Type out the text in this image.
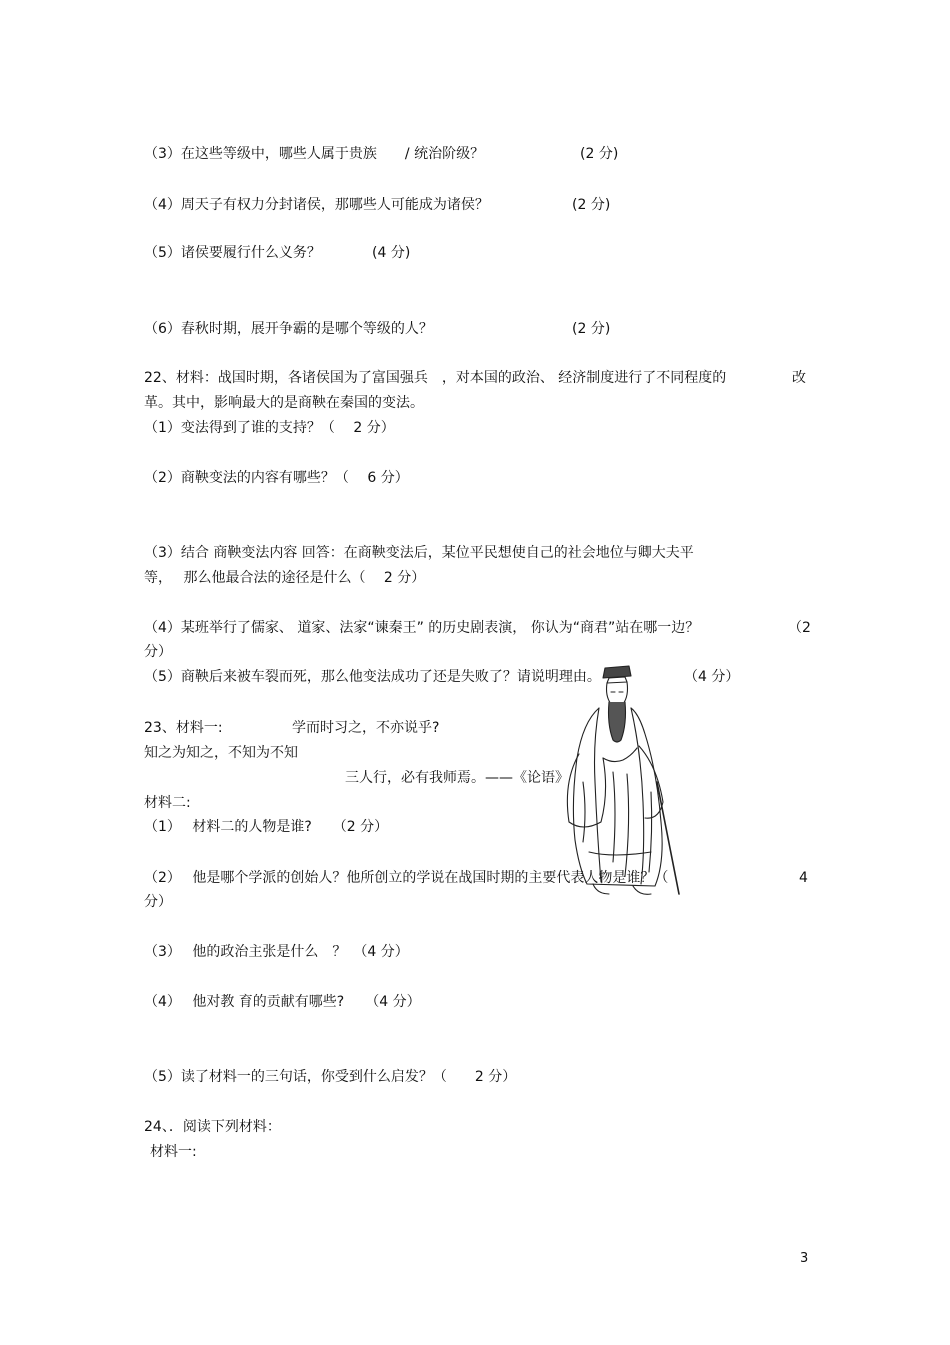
（3）在这些等级中，哪些人属于贵族　　/ 统治阶级？	(2 分)
（4）周天子有权力分封诸侯，那哪些人可能成为诸侯？	(2 分)
（5）诸侯要履行什么义务？	(4 分)
（6）春秋时期，展开争霸的是哪个等级的人？	(2 分)
22、材料：战国时期，各诸侯国为了富国强兵　，对本国的政治、 经济制度进行了不同程度的	改
革。其中，影响最大的是商鞅在秦国的变法。
（1）变法得到了谁的支持？（　 2 分）
（2）商鞅变法的内容有哪些？（　 6 分）
（3）结合 商鞅变法内容 回答：在商鞅变法后，某位平民想使自己的社会地位与卿大夫平
等，　 那么他最合法的途径是什么（　 2 分）
（4）某班举行了儒家、 道家、法家“谏秦王” 的历史剧表演， 你认为“商君”站在哪一边？	（2
分）
（5）商鞅后来被车裂而死，那么他变法成功了还是失败了？请说明理由。	（4 分）
23、材料一:	学而时习之，不亦说乎?
知之为知之，不知为不知
三人行，必有我师焉。——《论语》
材料二:
（1）　 材料二的人物是谁?　　（2 分）
（2）　 他是哪个学派的创始人？他所创立的学说在战国时期的主要代表人物是谁？（	4
分）
（3）　 他的政治主张是什么　？　（4 分）
（4）　 他对教 育的贡献有哪些?　　（4 分）
（5）读了材料一的三句话，你受到什么启发？（　　2 分）
24、．阅读下列材料：
材料一:
3
